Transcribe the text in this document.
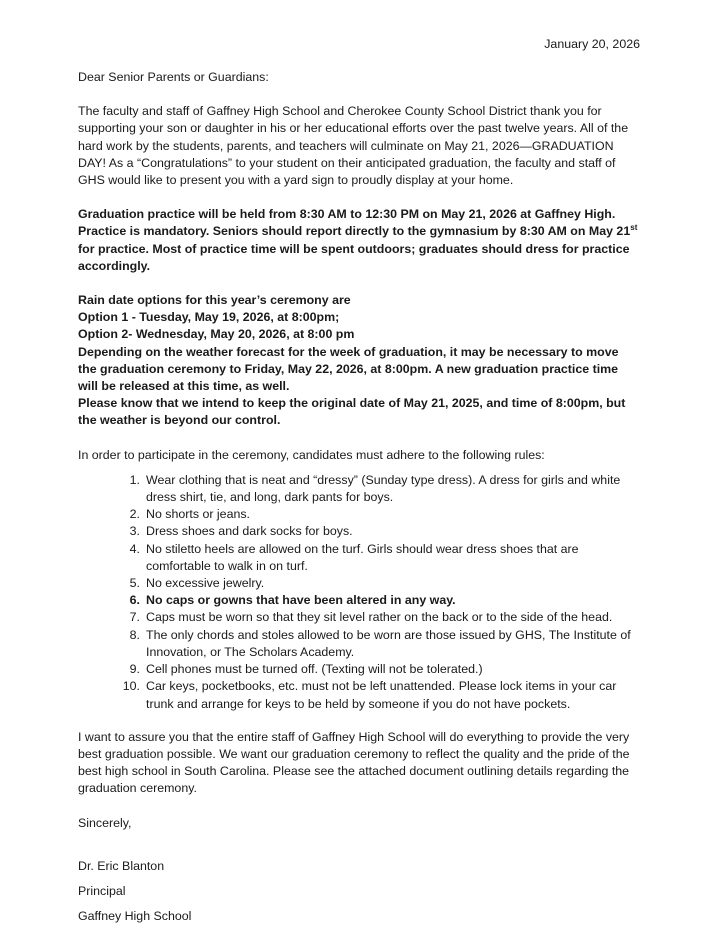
January 20, 2026

Dear Senior Parents or Guardians:

The faculty and staff of Gaffney High School and Cherokee County School District thank you for supporting your son or daughter in his or her educational efforts over the past twelve years. All of the hard work by the students, parents, and teachers will culminate on May 21, 2026—GRADUATION DAY! As a “Congratulations” to your student on their anticipated graduation, the faculty and staff of GHS would like to present you with a yard sign to proudly display at your home.

Graduation practice will be held from 8:30 AM to 12:30 PM on May 21, 2026 at Gaffney High. Practice is mandatory. Seniors should report directly to the gymnasium by 8:30 AM on May 21st for practice. Most of practice time will be spent outdoors; graduates should dress for practice accordingly.

Rain date options for this year’s ceremony are

Option 1 - Tuesday, May 19, 2026, at 8:00pm;

Option 2- Wednesday, May 20, 2026, at 8:00 pm

Depending on the weather forecast for the week of graduation, it may be necessary to move the graduation ceremony to Friday, May 22, 2026, at 8:00pm. A new graduation practice time will be released at this time, as well.

Please know that we intend to keep the original date of May 21, 2025, and time of 8:00pm, but the weather is beyond our control.

In order to participate in the ceremony, candidates must adhere to the following rules:

1. Wear clothing that is neat and “dressy” (Sunday type dress). A dress for girls and white dress shirt, tie, and long, dark pants for boys.
2. No shorts or jeans.
3. Dress shoes and dark socks for boys.
4. No stiletto heels are allowed on the turf. Girls should wear dress shoes that are comfortable to walk in on turf.
5. No excessive jewelry.
6. No caps or gowns that have been altered in any way.
7. Caps must be worn so that they sit level rather on the back or to the side of the head.
8. The only chords and stoles allowed to be worn are those issued by GHS, The Institute of Innovation, or The Scholars Academy.
9. Cell phones must be turned off. (Texting will not be tolerated.)
10. Car keys, pocketbooks, etc. must not be left unattended. Please lock items in your car trunk and arrange for keys to be held by someone if you do not have pockets.

I want to assure you that the entire staff of Gaffney High School will do everything to provide the very best graduation possible. We want our graduation ceremony to reflect the quality and the pride of the best high school in South Carolina. Please see the attached document outlining details regarding the graduation ceremony.

Sincerely,

Dr. Eric Blanton

Principal

Gaffney High School
